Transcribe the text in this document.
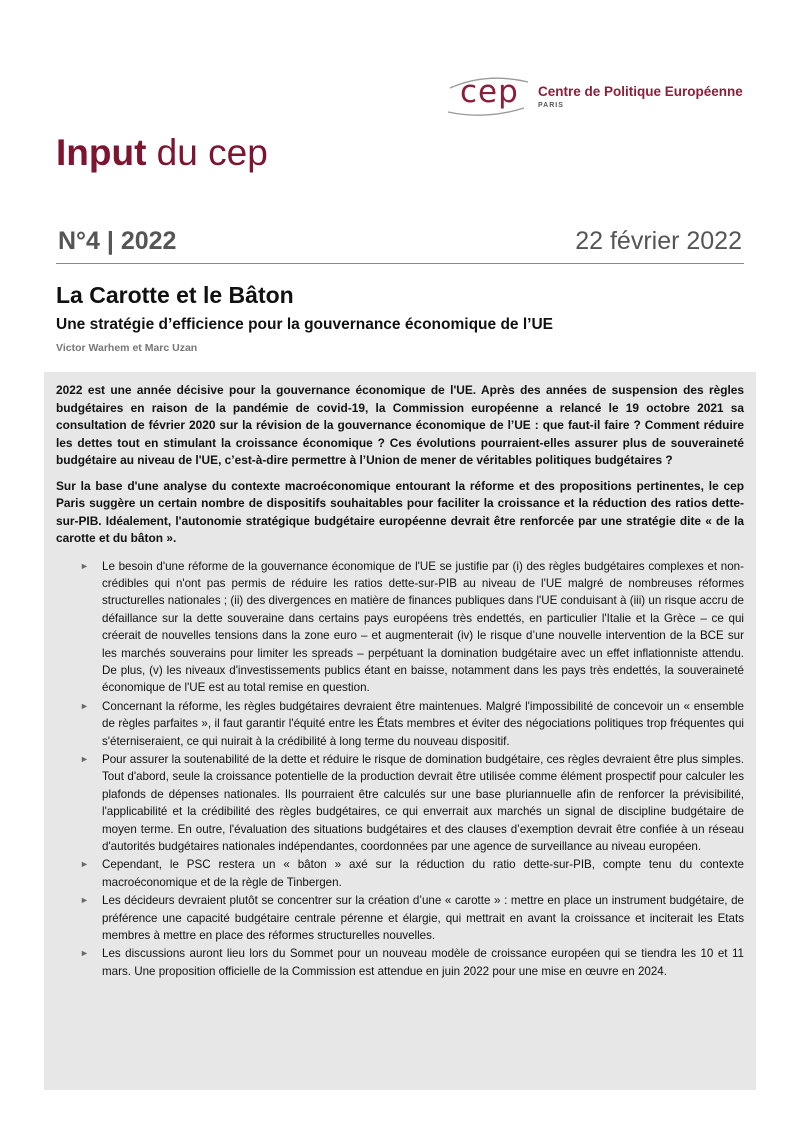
cep Centre de Politique Européenne
PARIS
Input du cep
N°4 | 2022	22 février 2022
La Carotte et le Bâton
Une stratégie d’efficience pour la gouvernance économique de l’UE
Victor Warhem et Marc Uzan

2022 est une année décisive pour la gouvernance économique de l'UE. Après des années de suspension des règles budgétaires en raison de la pandémie de covid-19, la Commission européenne a relancé le 19 octobre 2021 sa consultation de février 2020 sur la révision de la gouvernance économique de l’UE : que faut-il faire ? Comment réduire les dettes tout en stimulant la croissance économique ? Ces évolutions pourraient-elles assurer plus de souveraineté budgétaire au niveau de l'UE, c’est-à-dire permettre à l’Union de mener de véritables politiques budgétaires ?

Sur la base d'une analyse du contexte macroéconomique entourant la réforme et des propositions pertinentes, le cep Paris suggère un certain nombre de dispositifs souhaitables pour faciliter la croissance et la réduction des ratios dette-sur-PIB. Idéalement, l'autonomie stratégique budgétaire européenne devrait être renforcée par une stratégie dite « de la carotte et du bâton ».

► Le besoin d'une réforme de la gouvernance économique de l'UE se justifie par (i) des règles budgétaires complexes et non-crédibles qui n'ont pas permis de réduire les ratios dette-sur-PIB au niveau de l'UE malgré de nombreuses réformes structurelles nationales ; (ii) des divergences en matière de finances publiques dans l'UE conduisant à (iii) un risque accru de défaillance sur la dette souveraine dans certains pays européens très endettés, en particulier l'Italie et la Grèce – ce qui créerait de nouvelles tensions dans la zone euro – et augmenterait (iv) le risque d’une nouvelle intervention de la BCE sur les marchés souverains pour limiter les spreads – perpétuant la domination budgétaire avec un effet inflationniste attendu. De plus, (v) les niveaux d'investissements publics étant en baisse, notamment dans les pays très endettés, la souveraineté économique de l'UE est au total remise en question.
► Concernant la réforme, les règles budgétaires devraient être maintenues. Malgré l'impossibilité de concevoir un « ensemble de règles parfaites », il faut garantir l'équité entre les États membres et éviter des négociations politiques trop fréquentes qui s'éterniseraient, ce qui nuirait à la crédibilité à long terme du nouveau dispositif.
► Pour assurer la soutenabilité de la dette et réduire le risque de domination budgétaire, ces règles devraient être plus simples. Tout d'abord, seule la croissance potentielle de la production devrait être utilisée comme élément prospectif pour calculer les plafonds de dépenses nationales. Ils pourraient être calculés sur une base pluriannuelle afin de renforcer la prévisibilité, l'applicabilité et la crédibilité des règles budgétaires, ce qui enverrait aux marchés un signal de discipline budgétaire de moyen terme. En outre, l'évaluation des situations budgétaires et des clauses d’exemption devrait être confiée à un réseau d'autorités budgétaires nationales indépendantes, coordonnées par une agence de surveillance au niveau européen.
► Cependant, le PSC restera un « bâton » axé sur la réduction du ratio dette-sur-PIB, compte tenu du contexte macroéconomique et de la règle de Tinbergen.
► Les décideurs devraient plutôt se concentrer sur la création d’une « carotte » : mettre en place un instrument budgétaire, de préférence une capacité budgétaire centrale pérenne et élargie, qui mettrait en avant la croissance et inciterait les Etats membres à mettre en place des réformes structurelles nouvelles.
► Les discussions auront lieu lors du Sommet pour un nouveau modèle de croissance européen qui se tiendra les 10 et 11 mars. Une proposition officielle de la Commission est attendue en juin 2022 pour une mise en œuvre en 2024.
